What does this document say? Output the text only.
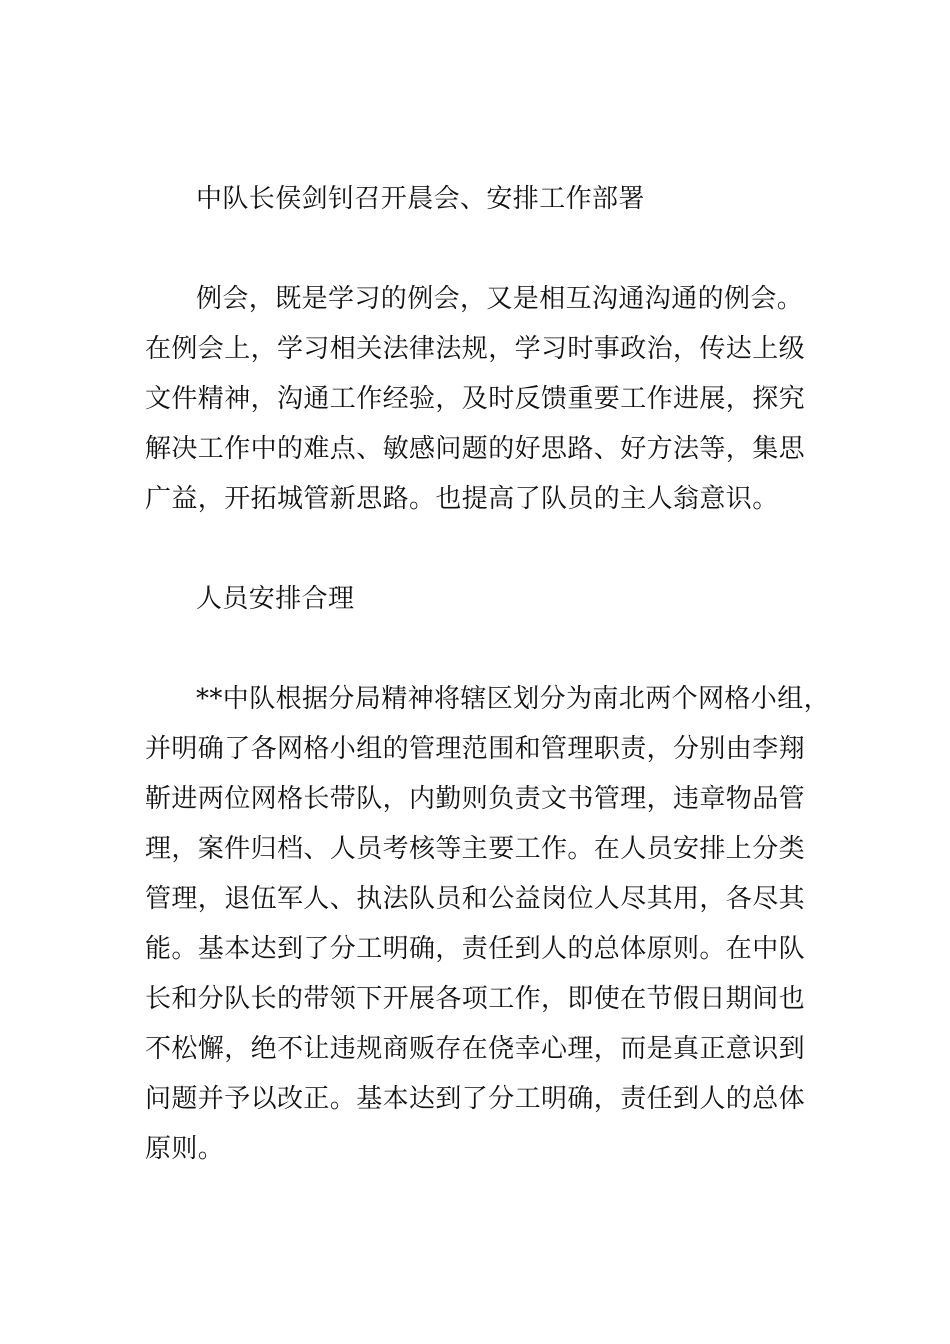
中队长侯剑钊召开晨会、安排工作部署
例会，既是学习的例会，又是相互沟通沟通的例会。
在例会上，学习相关法律法规，学习时事政治，传达上级
文件精神，沟通工作经验，及时反馈重要工作进展，探究
解决工作中的难点、敏感问题的好思路、好方法等，集思
广益，开拓城管新思路。也提高了队员的主人翁意识。
人员安排合理
**中队根据分局精神将辖区划分为南北两个网格小组，
并明确了各网格小组的管理范围和管理职责，分别由李翔
靳进两位网格长带队，内勤则负责文书管理，违章物品管
理，案件归档、人员考核等主要工作。在人员安排上分类
管理，退伍军人、执法队员和公益岗位人尽其用，各尽其
能。基本达到了分工明确，责任到人的总体原则。在中队
长和分队长的带领下开展各项工作，即使在节假日期间也
不松懈，绝不让违规商贩存在侥幸心理，而是真正意识到
问题并予以改正。基本达到了分工明确，责任到人的总体
原则。
